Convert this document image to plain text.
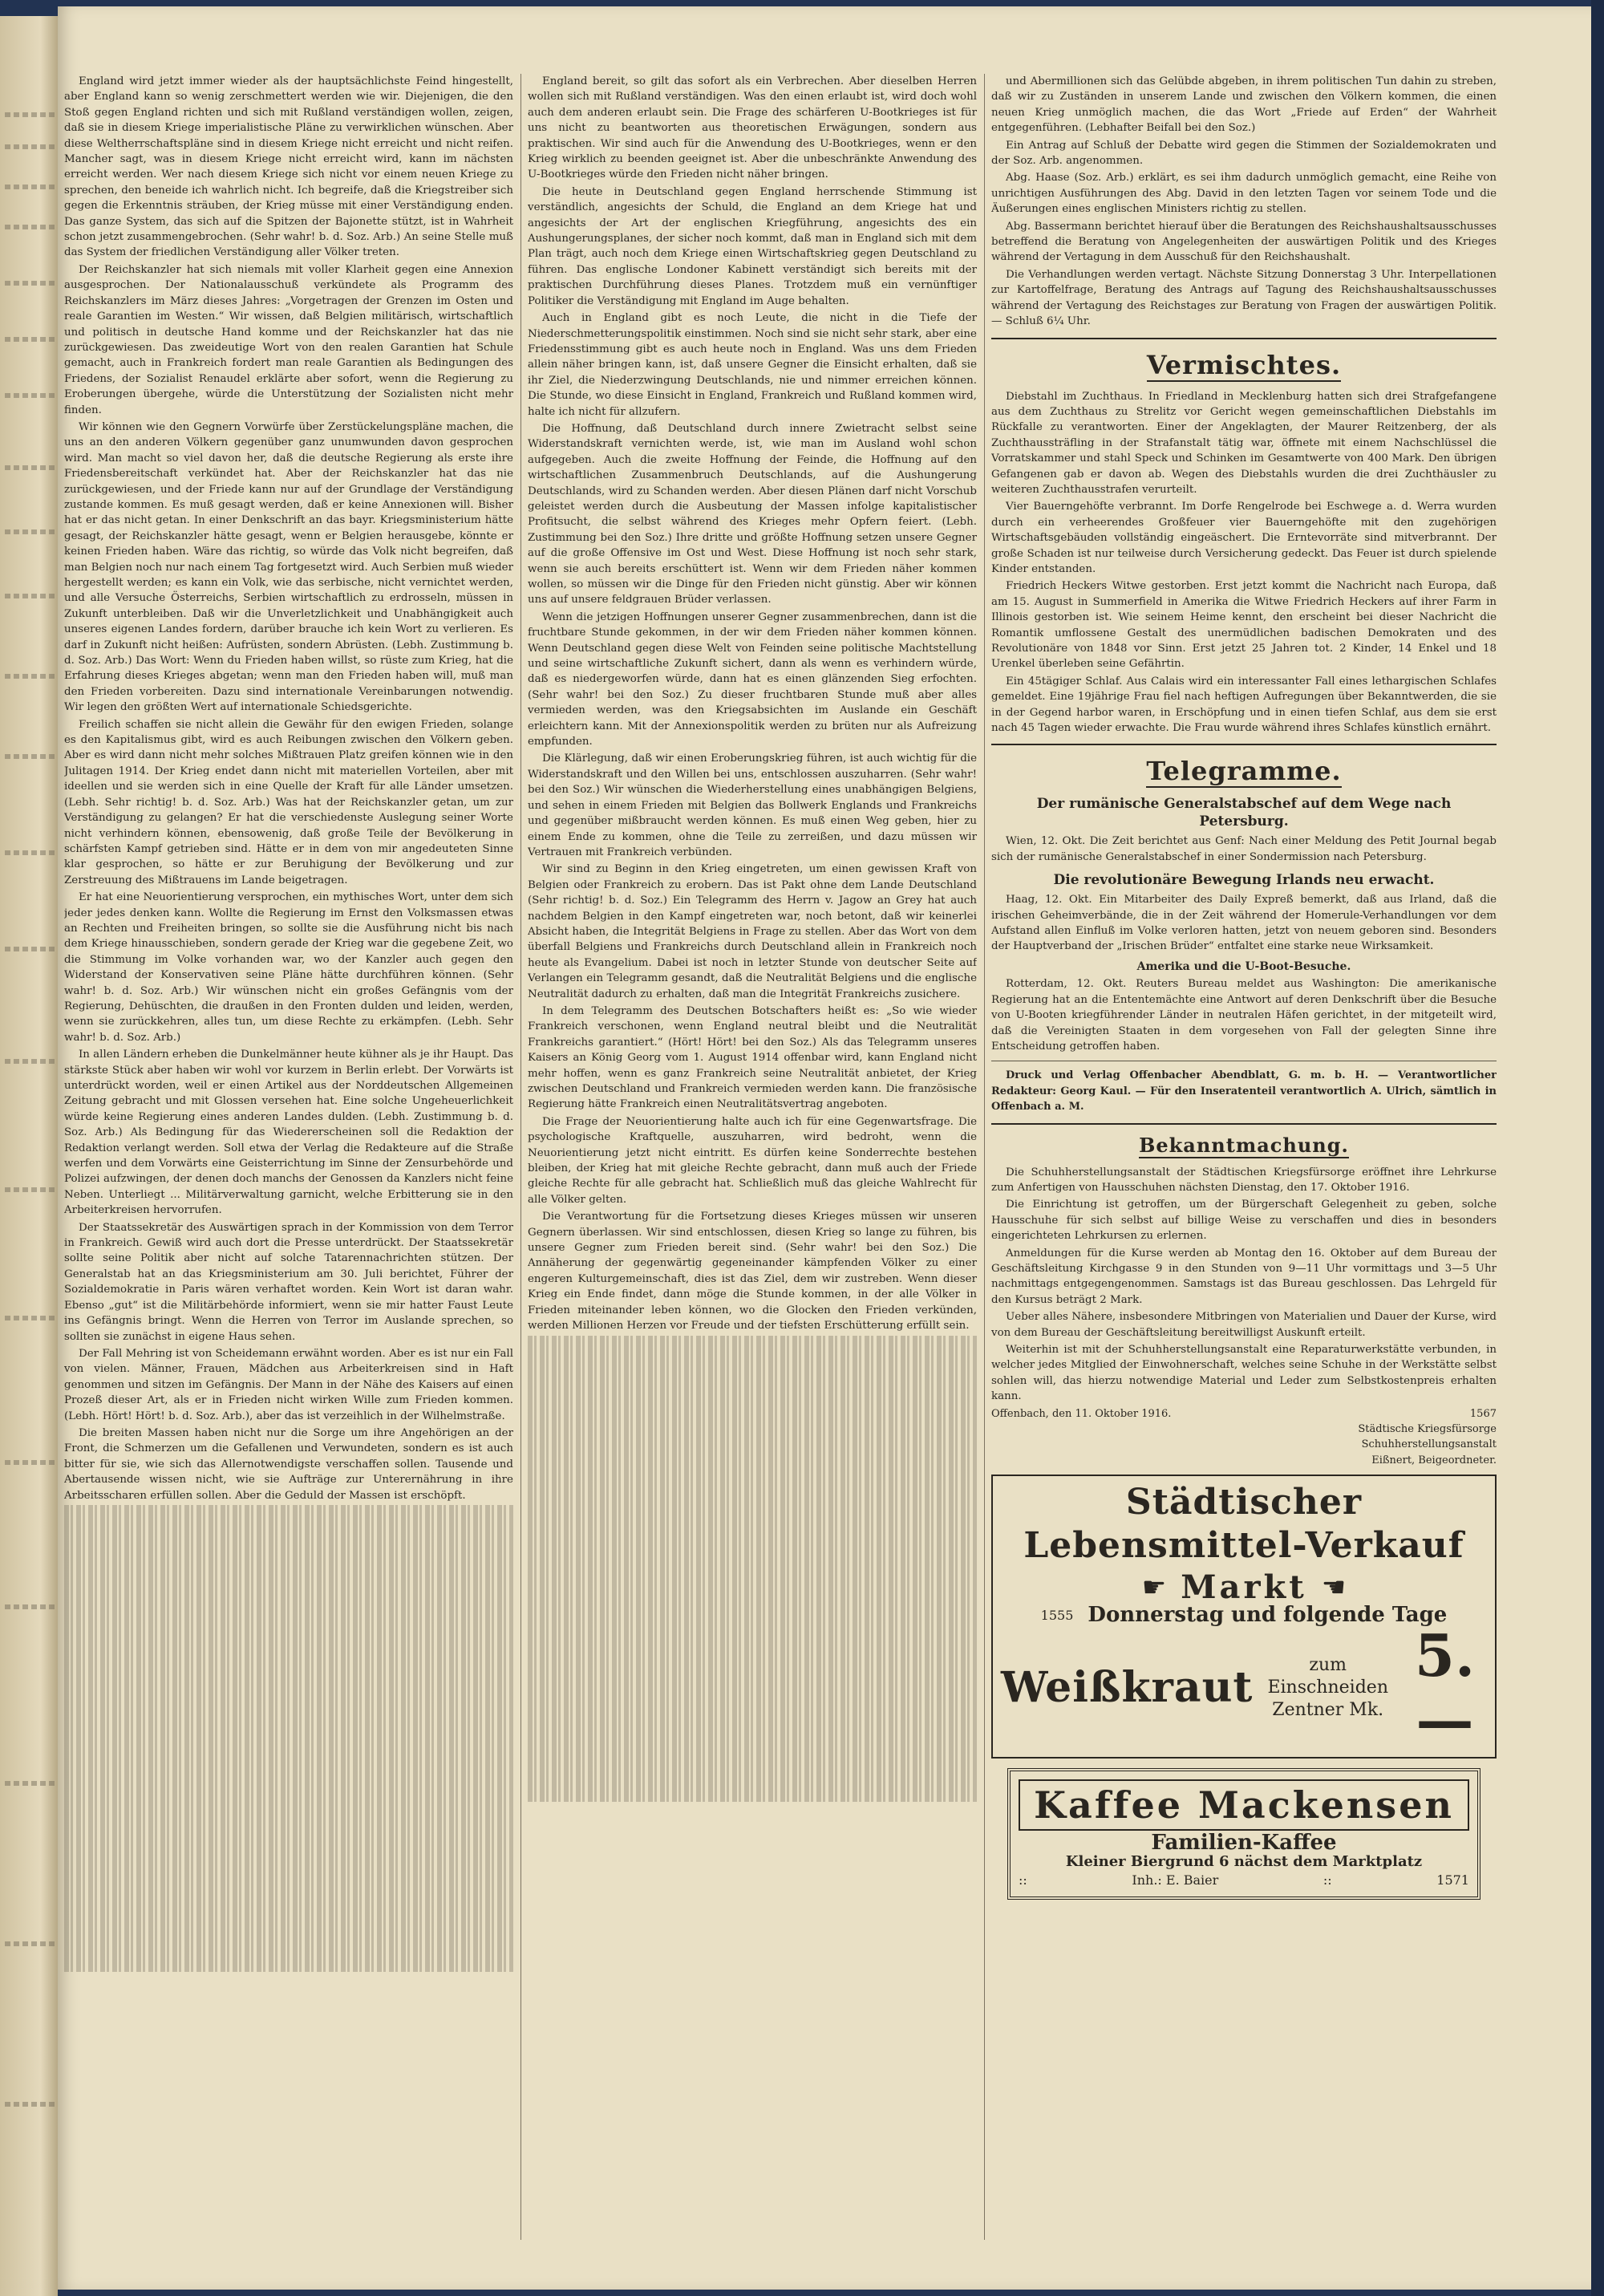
England wird jetzt immer wieder als der hauptsächlichste Feind hingestellt, aber England kann so wenig zerschmettert werden wie wir. Diejenigen, die den Stoß gegen England richten und sich mit Rußland verständigen wollen, zeigen, daß sie in diesem Kriege imperialistische Pläne zu verwirklichen wünschen. Aber diese Weltherrschaftspläne sind in diesem Kriege nicht erreicht und nicht reifen. Mancher sagt, was in diesem Kriege nicht erreicht wird, kann im nächsten erreicht werden. Wer nach diesem Kriege sich nicht vor einem neuen Kriege zu sprechen, den beneide ich wahrlich nicht. Ich begreife, daß die Kriegstreiber sich gegen die Erkenntnis sträuben, der Krieg müsse mit einer Verständigung enden. Das ganze System, das sich auf die Spitzen der Bajonette stützt, ist in Wahrheit schon jetzt zusammengebrochen. (Sehr wahr! b. d. Soz. Arb.) An seine Stelle muß das System der friedlichen Verständigung aller Völker treten.

Der Reichskanzler hat sich niemals mit voller Klarheit gegen eine Annexion ausgesprochen. Der Nationalausschuß verkündete als Programm des Reichskanzlers im März dieses Jahres: „Vorgetragen der Grenzen im Osten und reale Garantien im Westen.“ Wir wissen, daß Belgien militärisch, wirtschaftlich und politisch in deutsche Hand komme und der Reichskanzler hat das nie zurückgewiesen. Das zweideutige Wort von den realen Garantien hat Schule gemacht, auch in Frankreich fordert man reale Garantien als Bedingungen des Friedens, der Sozialist Renaudel erklärte aber sofort, wenn die Regierung zu Eroberungen übergehe, würde die Unterstützung der Sozialisten nicht mehr finden.

Wir können wie den Gegnern Vorwürfe über Zerstückelungspläne machen, die uns an den anderen Völkern gegenüber ganz unumwunden davon gesprochen wird. Man macht so viel davon her, daß die deutsche Regierung als erste ihre Friedensbereitschaft verkündet hat. Aber der Reichskanzler hat das nie zurückgewiesen, und der Friede kann nur auf der Grundlage der Verständigung zustande kommen. Es muß gesagt werden, daß er keine Annexionen will. Bisher hat er das nicht getan. In einer Denkschrift an das bayr. Kriegsministerium hätte gesagt, der Reichskanzler hätte gesagt, wenn er Belgien herausgebe, könnte er keinen Frieden haben. Wäre das richtig, so würde das Volk nicht begreifen, daß man Belgien noch nur nach einem Tag fortgesetzt wird. Auch Serbien muß wieder hergestellt werden; es kann ein Volk, wie das serbische, nicht vernichtet werden, und alle Versuche Österreichs, Serbien wirtschaftlich zu erdrosseln, müssen in Zukunft unterbleiben. Daß wir die Unverletzlichkeit und Unabhängigkeit auch unseres eigenen Landes fordern, darüber brauche ich kein Wort zu verlieren. Es darf in Zukunft nicht heißen: Aufrüsten, sondern Abrüsten. (Lebh. Zustimmung b. d. Soz. Arb.) Das Wort: Wenn du Frieden haben willst, so rüste zum Krieg, hat die Erfahrung dieses Krieges abgetan; wenn man den Frieden haben will, muß man den Frieden vorbereiten. Dazu sind internationale Vereinbarungen notwendig. Wir legen den größten Wert auf internationale Schiedsgerichte.

Freilich schaffen sie nicht allein die Gewähr für den ewigen Frieden, solange es den Kapitalismus gibt, wird es auch Reibungen zwischen den Völkern geben. Aber es wird dann nicht mehr solches Mißtrauen Platz greifen können wie in den Julitagen 1914. Der Krieg endet dann nicht mit materiellen Vorteilen, aber mit ideellen und sie werden sich in eine Quelle der Kraft für alle Länder umsetzen. (Lebh. Sehr richtig! b. d. Soz. Arb.) Was hat der Reichskanzler getan, um zur Verständigung zu gelangen? Er hat die verschiedenste Auslegung seiner Worte nicht verhindern können, ebensowenig, daß große Teile der Bevölkerung in schärfsten Kampf getrieben sind. Hätte er in dem von mir angedeuteten Sinne klar gesprochen, so hätte er zur Beruhigung der Bevölkerung und zur Zerstreuung des Mißtrauens im Lande beigetragen.

Er hat eine Neuorientierung versprochen, ein mythisches Wort, unter dem sich jeder jedes denken kann. Wollte die Regierung im Ernst den Volksmassen etwas an Rechten und Freiheiten bringen, so sollte sie die Ausführung nicht bis nach dem Kriege hinausschieben, sondern gerade der Krieg war die gegebene Zeit, wo die Stimmung im Volke vorhanden war, wo der Kanzler auch gegen den Widerstand der Konservativen seine Pläne hätte durchführen können. (Sehr wahr! b. d. Soz. Arb.) Wir wünschen nicht ein großes Gefängnis vom der Regierung, Dehüschten, die draußen in den Fronten dulden und leiden, werden, wenn sie zurückkehren, alles tun, um diese Rechte zu erkämpfen. (Lebh. Sehr wahr! b. d. Soz. Arb.)

In allen Ländern erheben die Dunkelmänner heute kühner als je ihr Haupt. Das stärkste Stück aber haben wir wohl vor kurzem in Berlin erlebt. Der Vorwärts ist unterdrückt worden, weil er einen Artikel aus der Norddeutschen Allgemeinen Zeitung gebracht und mit Glossen versehen hat. Eine solche Ungeheuerlichkeit würde keine Regierung eines anderen Landes dulden. (Lebh. Zustimmung b. d. Soz. Arb.) Als Bedingung für das Wiedererscheinen soll die Redaktion der Redaktion verlangt werden. Soll etwa der Verlag die Redakteure auf die Straße werfen und dem Vorwärts eine Geisterrichtung im Sinne der Zensurbehörde und Polizei aufzwingen, der denen doch manchs der Genossen da Kanzlers nicht feine Neben. Unterliegt ... Militärverwaltung garnicht, welche Erbitterung sie in den Arbeiterkreisen hervorrufen.

Der Staatssekretär des Auswärtigen sprach in der Kommission von dem Terror in Frankreich. Gewiß wird auch dort die Presse unterdrückt. Der Staatssekretär sollte seine Politik aber nicht auf solche Tatarennachrichten stützen. Der Generalstab hat an das Kriegsministerium am 30. Juli berichtet, Führer der Sozialdemokratie in Paris wären verhaftet worden. Kein Wort ist daran wahr. Ebenso „gut“ ist die Militärbehörde informiert, wenn sie mir hatter Faust Leute ins Gefängnis bringt. Wenn die Herren von Terror im Auslande sprechen, so sollten sie zunächst in eigene Haus sehen.

Der Fall Mehring ist von Scheidemann erwähnt worden. Aber es ist nur ein Fall von vielen. Männer, Frauen, Mädchen aus Arbeiterkreisen sind in Haft genommen und sitzen im Gefängnis. Der Mann in der Nähe des Kaisers auf einen Prozeß dieser Art, als er in Frieden nicht wirken Wille zum Frieden kommen. (Lebh. Hört! Hört! b. d. Soz. Arb.), aber das ist verzeihlich in der Wilhelmstraße.

Die breiten Massen haben nicht nur die Sorge um ihre Angehörigen an der Front, die Schmerzen um die Gefallenen und Verwundeten, sondern es ist auch bitter für sie, wie sich das Allernotwendigste verschaffen sollen. Tausende und Abertausende wissen nicht, wie sie Aufträge zur Unterernährung in ihre Arbeitsscharen erfüllen sollen. Aber die Geduld der Massen ist erschöpft.

England bereit, so gilt das sofort als ein Verbrechen. Aber dieselben Herren wollen sich mit Rußland verständigen. Was den einen erlaubt ist, wird doch wohl auch dem anderen erlaubt sein. Die Frage des schärferen U-Bootkrieges ist für uns nicht zu beantworten aus theoretischen Erwägungen, sondern aus praktischen. Wir sind auch für die Anwendung des U-Bootkrieges, wenn er den Krieg wirklich zu beenden geeignet ist. Aber die unbeschränkte Anwendung des U-Bootkrieges würde den Frieden nicht näher bringen.

Die heute in Deutschland gegen England herrschende Stimmung ist verständlich, angesichts der Schuld, die England an dem Kriege hat und angesichts der Art der englischen Kriegführung, angesichts des ein Aushungerungsplanes, der sicher noch kommt, daß man in England sich mit dem Plan trägt, auch noch dem Kriege einen Wirtschaftskrieg gegen Deutschland zu führen. Das englische Londoner Kabinett verständigt sich bereits mit der praktischen Durchführung dieses Planes. Trotzdem muß ein vernünftiger Politiker die Verständigung mit England im Auge behalten.

Auch in England gibt es noch Leute, die nicht in die Tiefe der Niederschmetterungspolitik einstimmen. Noch sind sie nicht sehr stark, aber eine Friedensstimmung gibt es auch heute noch in England. Was uns dem Frieden allein näher bringen kann, ist, daß unsere Gegner die Einsicht erhalten, daß sie ihr Ziel, die Niederzwingung Deutschlands, nie und nimmer erreichen können. Die Stunde, wo diese Einsicht in England, Frankreich und Rußland kommen wird, halte ich nicht für allzufern.

Die Hoffnung, daß Deutschland durch innere Zwietracht selbst seine Widerstandskraft vernichten werde, ist, wie man im Ausland wohl schon aufgegeben. Auch die zweite Hoffnung der Feinde, die Hoffnung auf den wirtschaftlichen Zusammenbruch Deutschlands, auf die Aushungerung Deutschlands, wird zu Schanden werden. Aber diesen Plänen darf nicht Vorschub geleistet werden durch die Ausbeutung der Massen infolge kapitalistischer Profitsucht, die selbst während des Krieges mehr Opfern feiert. (Lebh. Zustimmung bei den Soz.) Ihre dritte und größte Hoffnung setzen unsere Gegner auf die große Offensive im Ost und West. Diese Hoffnung ist noch sehr stark, wenn sie auch bereits erschüttert ist. Wenn wir dem Frieden näher kommen wollen, so müssen wir die Dinge für den Frieden nicht günstig. Aber wir können uns auf unsere feldgrauen Brüder verlassen.

Wenn die jetzigen Hoffnungen unserer Gegner zusammenbrechen, dann ist die fruchtbare Stunde gekommen, in der wir dem Frieden näher kommen können. Wenn Deutschland gegen diese Welt von Feinden seine politische Machtstellung und seine wirtschaftliche Zukunft sichert, dann als wenn es verhindern würde, daß es niedergeworfen würde, dann hat es einen glänzenden Sieg erfochten. (Sehr wahr! bei den Soz.) Zu dieser fruchtbaren Stunde muß aber alles vermieden werden, was den Kriegsabsichten im Auslande ein Geschäft erleichtern kann. Mit der Annexionspolitik werden zu brüten nur als Aufreizung empfunden.

Die Klärlegung, daß wir einen Eroberungskrieg führen, ist auch wichtig für die Widerstandskraft und den Willen bei uns, entschlossen auszuharren. (Sehr wahr! bei den Soz.) Wir wünschen die Wiederherstellung eines unabhängigen Belgiens, und sehen in einem Frieden mit Belgien das Bollwerk Englands und Frankreichs und gegenüber mißbraucht werden können. Es muß einen Weg geben, hier zu einem Ende zu kommen, ohne die Teile zu zerreißen, und dazu müssen wir Vertrauen mit Frankreich verbünden.

Wir sind zu Beginn in den Krieg eingetreten, um einen gewissen Kraft von Belgien oder Frankreich zu erobern. Das ist Pakt ohne dem Lande Deutschland (Sehr richtig! b. d. Soz.) Ein Telegramm des Herrn v. Jagow an Grey hat auch nachdem Belgien in den Kampf eingetreten war, noch betont, daß wir keinerlei Absicht haben, die Integrität Belgiens in Frage zu stellen. Aber das Wort von dem überfall Belgiens und Frankreichs durch Deutschland allein in Frankreich noch heute als Evangelium. Dabei ist noch in letzter Stunde von deutscher Seite auf Verlangen ein Telegramm gesandt, daß die Neutralität Belgiens und die englische Neutralität dadurch zu erhalten, daß man die Integrität Frankreichs zusichere.

In dem Telegramm des Deutschen Botschafters heißt es: „So wie wieder Frankreich verschonen, wenn England neutral bleibt und die Neutralität Frankreichs garantiert.“ (Hört! Hört! bei den Soz.) Als das Telegramm unseres Kaisers an König Georg vom 1. August 1914 offenbar wird, kann England nicht mehr hoffen, wenn es ganz Frankreich seine Neutralität anbietet, der Krieg zwischen Deutschland und Frankreich vermieden werden kann. Die französische Regierung hätte Frankreich einen Neutralitätsvertrag angeboten.

Die Frage der Neuorientierung halte auch ich für eine Gegenwartsfrage. Die psychologische Kraftquelle, auszuharren, wird bedroht, wenn die Neuorientierung jetzt nicht eintritt. Es dürfen keine Sonderrechte bestehen bleiben, der Krieg hat mit gleiche Rechte gebracht, dann muß auch der Friede gleiche Rechte für alle gebracht hat. Schließlich muß das gleiche Wahlrecht für alle Völker gelten.

Die Verantwortung für die Fortsetzung dieses Krieges müssen wir unseren Gegnern überlassen. Wir sind entschlossen, diesen Krieg so lange zu führen, bis unsere Gegner zum Frieden bereit sind. (Sehr wahr! bei den Soz.) Die Annäherung der gegenwärtig gegeneinander kämpfenden Völker zu einer engeren Kulturgemeinschaft, dies ist das Ziel, dem wir zustreben. Wenn dieser Krieg ein Ende findet, dann möge die Stunde kommen, in der alle Völker in Frieden miteinander leben können, wo die Glocken den Frieden verkünden, werden Millionen Herzen vor Freude und der tiefsten Erschütterung erfüllt sein.

und Abermillionen sich das Gelübde abgeben, in ihrem politischen Tun dahin zu streben, daß wir zu Zuständen in unserem Lande und zwischen den Völkern kommen, die einen neuen Krieg unmöglich machen, die das Wort „Friede auf Erden“ der Wahrheit entgegenführen. (Lebhafter Beifall bei den Soz.)

Ein Antrag auf Schluß der Debatte wird gegen die Stimmen der Sozialdemokraten und der Soz. Arb. angenommen.

Abg. Haase (Soz. Arb.) erklärt, es sei ihm dadurch unmöglich gemacht, eine Reihe von unrichtigen Ausführungen des Abg. David in den letzten Tagen vor seinem Tode und die Äußerungen eines englischen Ministers richtig zu stellen.

Abg. Bassermann berichtet hierauf über die Beratungen des Reichshaushaltsausschusses betreffend die Beratung von Angelegenheiten der auswärtigen Politik und des Krieges während der Vertagung in dem Ausschuß für den Reichshaushalt.

Die Verhandlungen werden vertagt. Nächste Sitzung Donnerstag 3 Uhr. Interpellationen zur Kartoffelfrage, Beratung des Antrags auf Tagung des Reichshaushaltsausschusses während der Vertagung des Reichstages zur Beratung von Fragen der auswärtigen Politik. — Schluß 6¼ Uhr.

Vermischtes.

Diebstahl im Zuchthaus. In Friedland in Mecklenburg hatten sich drei Strafgefangene aus dem Zuchthaus zu Strelitz vor Gericht wegen gemeinschaftlichen Diebstahls im Rückfalle zu verantworten. Einer der Angeklagten, der Maurer Reitzenberg, der als Zuchthaussträfling in der Strafanstalt tätig war, öffnete mit einem Nachschlüssel die Vorratskammer und stahl Speck und Schinken im Gesamtwerte von 400 Mark. Den übrigen Gefangenen gab er davon ab. Wegen des Diebstahls wurden die drei Zuchthäusler zu weiteren Zuchthausstrafen verurteilt.

Vier Bauerngehöfte verbrannt. Im Dorfe Rengelrode bei Eschwege a. d. Werra wurden durch ein verheerendes Großfeuer vier Bauerngehöfte mit den zugehörigen Wirtschaftsgebäuden vollständig eingeäschert. Die Erntevorräte sind mitverbrannt. Der große Schaden ist nur teilweise durch Versicherung gedeckt. Das Feuer ist durch spielende Kinder entstanden.

Friedrich Heckers Witwe gestorben. Erst jetzt kommt die Nachricht nach Europa, daß am 15. August in Summerfield in Amerika die Witwe Friedrich Heckers auf ihrer Farm in Illinois gestorben ist. Wie seinem Heime kennt, den erscheint bei dieser Nachricht die Romantik umflossene Gestalt des unermüdlichen badischen Demokraten und des Revolutionäre von 1848 vor Sinn. Erst jetzt 25 Jahren tot. 2 Kinder, 14 Enkel und 18 Urenkel überleben seine Gefährtin.

Ein 45tägiger Schlaf. Aus Calais wird ein interessanter Fall eines lethargischen Schlafes gemeldet. Eine 19jährige Frau fiel nach heftigen Aufregungen über Bekanntwerden, die sie in der Gegend harbor waren, in Erschöpfung und in einen tiefen Schlaf, aus dem sie erst nach 45 Tagen wieder erwachte. Die Frau wurde während ihres Schlafes künstlich ernährt.

Telegramme.
Der rumänische Generalstabschef auf dem Wege nach Petersburg.

Wien, 12. Okt. Die Zeit berichtet aus Genf: Nach einer Meldung des Petit Journal begab sich der rumänische Generalstabschef in einer Sondermission nach Petersburg.

Die revolutionäre Bewegung Irlands neu erwacht.

Haag, 12. Okt. Ein Mitarbeiter des Daily Expreß bemerkt, daß aus Irland, daß die irischen Geheimverbände, die in der Zeit während der Homerule-Verhandlungen vor dem Aufstand allen Einfluß im Volke verloren hatten, jetzt von neuem geboren sind. Besonders der Hauptverband der „Irischen Brüder“ entfaltet eine starke neue Wirksamkeit.

Amerika und die U-Boot-Besuche.

Rotterdam, 12. Okt. Reuters Bureau meldet aus Washington: Die amerikanische Regierung hat an die Ententemächte eine Antwort auf deren Denkschrift über die Besuche von U-Booten kriegführender Länder in neutralen Häfen gerichtet, in der mitgeteilt wird, daß die Vereinigten Staaten in dem vorgesehen von Fall der gelegten Sinne ihre Entscheidung getroffen haben.

Druck und Verlag Offenbacher Abendblatt, G. m. b. H. — Verantwortlicher Redakteur: Georg Kaul. — Für den Inseratenteil verantwortlich A. Ulrich, sämtlich in Offenbach a. M.

Bekanntmachung.

Die Schuhherstellungsanstalt der Städtischen Kriegsfürsorge eröffnet ihre Lehrkurse zum Anfertigen von Hausschuhen nächsten Dienstag, den 17. Oktober 1916.

Die Einrichtung ist getroffen, um der Bürgerschaft Gelegenheit zu geben, solche Hausschuhe für sich selbst auf billige Weise zu verschaffen und dies in besonders eingerichteten Lehrkursen zu erlernen.

Anmeldungen für die Kurse werden ab Montag den 16. Oktober auf dem Bureau der Geschäftsleitung Kirchgasse 9 in den Stunden von 9—11 Uhr vormittags und 3—5 Uhr nachmittags entgegengenommen. Samstags ist das Bureau geschlossen. Das Lehrgeld für den Kursus beträgt 2 Mark.

Ueber alles Nähere, insbesondere Mitbringen von Materialien und Dauer der Kurse, wird von dem Bureau der Geschäftsleitung bereitwilligst Auskunft erteilt.

Weiterhin ist mit der Schuhherstellungsanstalt eine Reparaturwerkstätte verbunden, in welcher jedes Mitglied der Einwohnerschaft, welches seine Schuhe in der Werkstätte selbst sohlen will, das hierzu notwendige Material und Leder zum Selbstkostenpreis erhalten kann.

Offenbach, den 11. Oktober 1916.	1567
Städtische Kriegsfürsorge
Schuhherstellungsanstalt
Eißnert, Beigeordneter.
Städtischer Lebensmittel-Verkauf
☛ Markt ☚
1555 Donnerstag und folgende Tage
Weißkraut	zum Einschneiden
Zentner Mk.
5.—
Kaffee Mackensen
Familien-Kaffee
Kleiner Biergrund 6 nächst dem Marktplatz
::	Inh.: E. Baier	::	1571
